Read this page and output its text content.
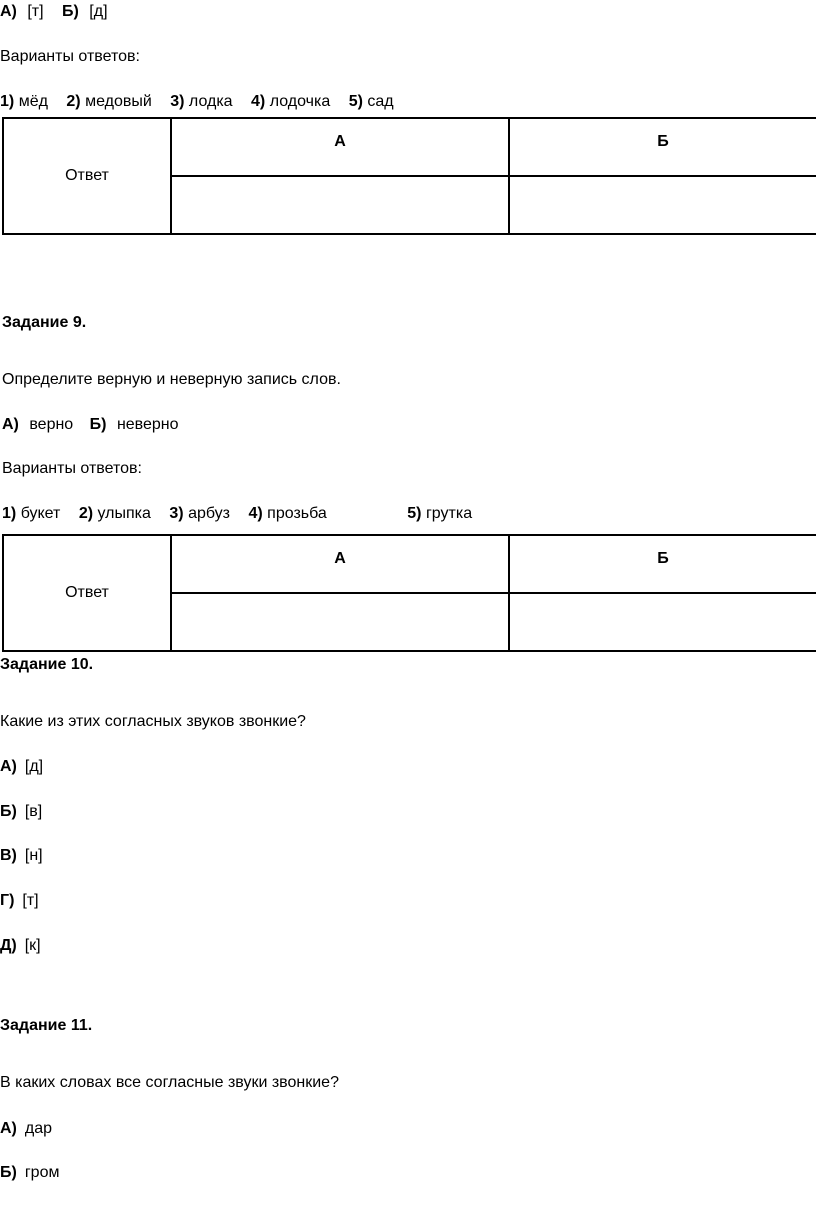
А) [т] Б) [д]
Варианты ответов:
1) мёд 2) медовый 3) лодка 4) лодочка 5) сад
Ответ	А	Б

Задание 9.
Определите верную и неверную запись слов.
А) верно Б) неверно
Варианты ответов:
1) букет 2) улыпка 3) арбуз 4) прозьба	5) грутка
Ответ	А	Б

Задание 10.
Какие из этих согласных звуков звонкие?
А) [д]
Б) [в]
В) [н]
Г) [т]
Д) [к]
Задание 11.
В каких словах все согласные звуки звонкие?
А) дар
Б) гром
